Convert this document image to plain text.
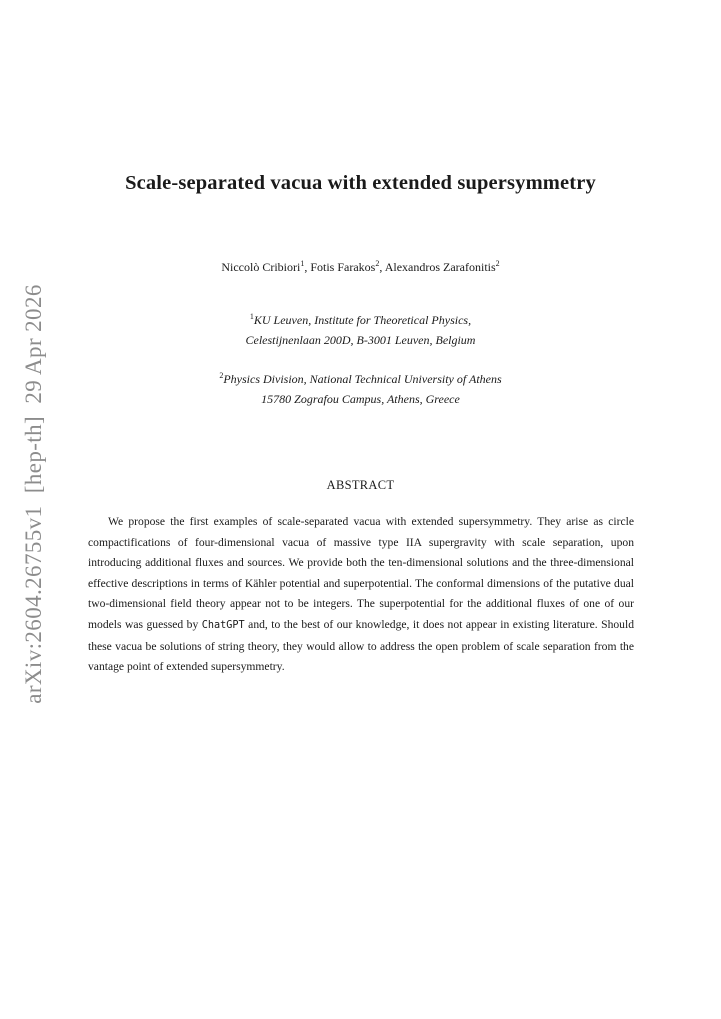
arXiv:2604.26755v1  [hep-th]  29 Apr 2026
Scale-separated vacua with extended supersymmetry
Niccolò Cribiori$^1$, Fotis Farakos$^2$, Alexandros Zarafonitis$^2$
$^1$KU Leuven, Institute for Theoretical Physics,
Celestijnenlaan 200D, B-3001 Leuven, Belgium
$^2$Physics Division, National Technical University of Athens
15780 Zografou Campus, Athens, Greece
ABSTRACT
We propose the first examples of scale-separated vacua with extended supersymmetry. They arise as circle compactifications of four-dimensional vacua of massive type IIA supergravity with scale separation, upon introducing additional fluxes and sources. We provide both the ten-dimensional solutions and the three-dimensional effective descriptions in terms of Kähler potential and superpotential. The conformal dimensions of the putative dual two-dimensional field theory appear not to be integers. The superpotential for the additional fluxes of one of our models was guessed by ChatGPT and, to the best of our knowledge, it does not appear in existing literature. Should these vacua be solutions of string theory, they would allow to address the open problem of scale separation from the vantage point of extended supersymmetry.
